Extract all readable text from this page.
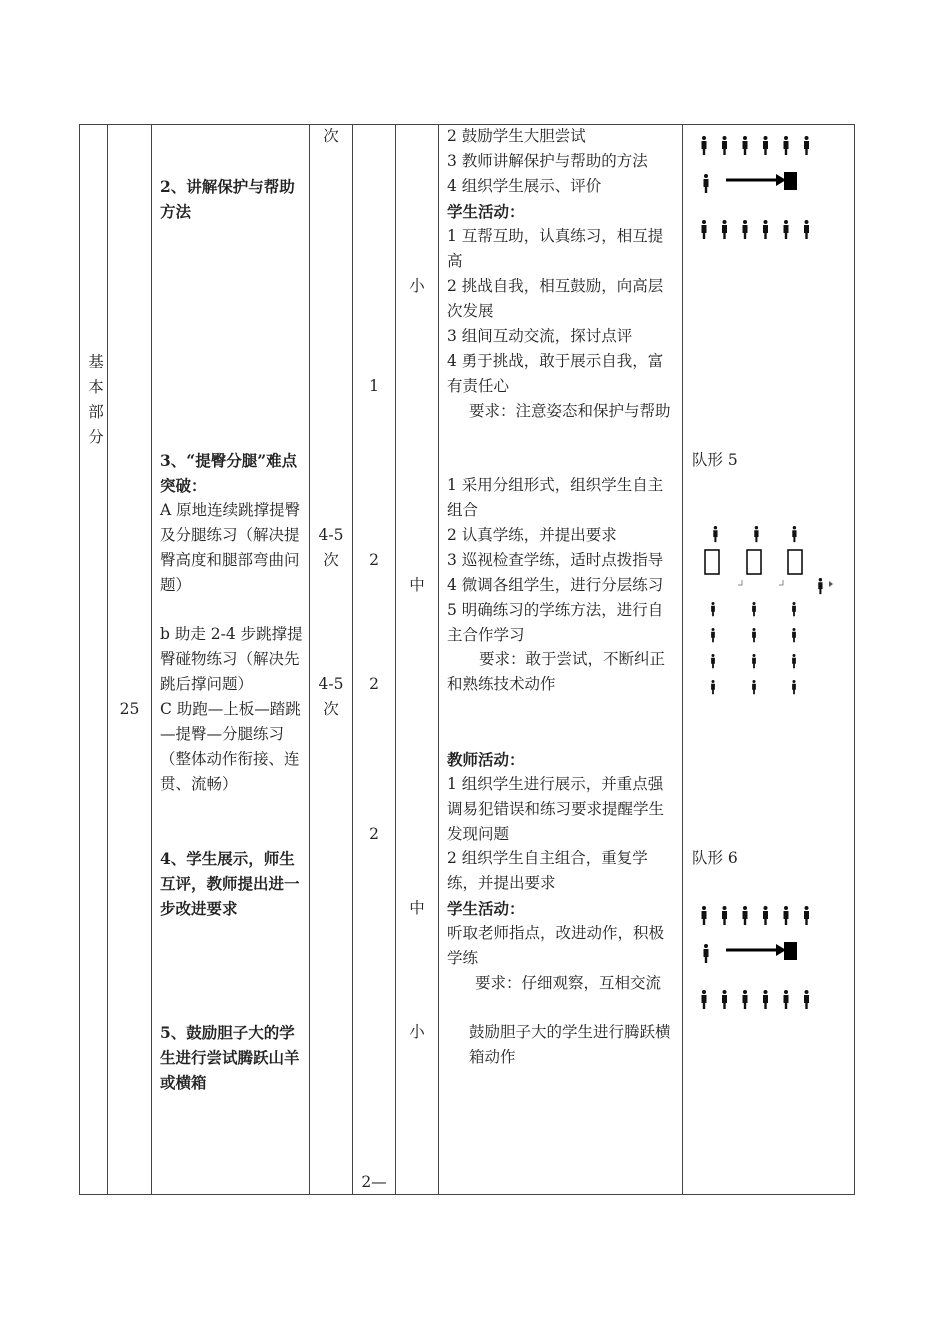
基本部分
25
2、讲解保护与帮助方法
3、“提臀分腿”难点突破：
A 原地连续跳撑提臀及分腿练习（解决提臀高度和腿部弯曲问题）
b 助走 2-4 步跳撑提臀碰物练习（解决先跳后撑问题）
C 助跑—上板—踏跳—提臀—分腿练习（整体动作衔接、连贯、流畅）
4、学生展示，师生互评，教师提出进一步改进要求
5、鼓励胆子大的学生进行尝试腾跃山羊或横箱
次
4-5
次
4-5
次
1
2
2
2
2—
小
中
中
小
2 鼓励学生大胆尝试
3 教师讲解保护与帮助的方法
4 组织学生展示、评价
学生活动：
1 互帮互助，认真练习，相互提高
2 挑战自我，相互鼓励，向高层次发展
3 组间互动交流，探讨点评
4 勇于挑战，敢于展示自我，富有责任心
要求：注意姿态和保护与帮助
1 采用分组形式，组织学生自主组合
2 认真学练，并提出要求
3 巡视检查学练，适时点拨指导
4 微调各组学生，进行分层练习
5 明确练习的学练方法，进行自主合作学习
要求：敢于尝试，不断纠正和熟练技术动作
教师活动：
1 组织学生进行展示，并重点强调易犯错误和练习要求提醒学生发现问题
2 组织学生自主组合，重复学练，并提出要求
学生活动：
听取老师指点，改进动作，积极学练
要求：仔细观察，互相交流
鼓励胆子大的学生进行腾跃横箱动作
队形 5
队形 6
